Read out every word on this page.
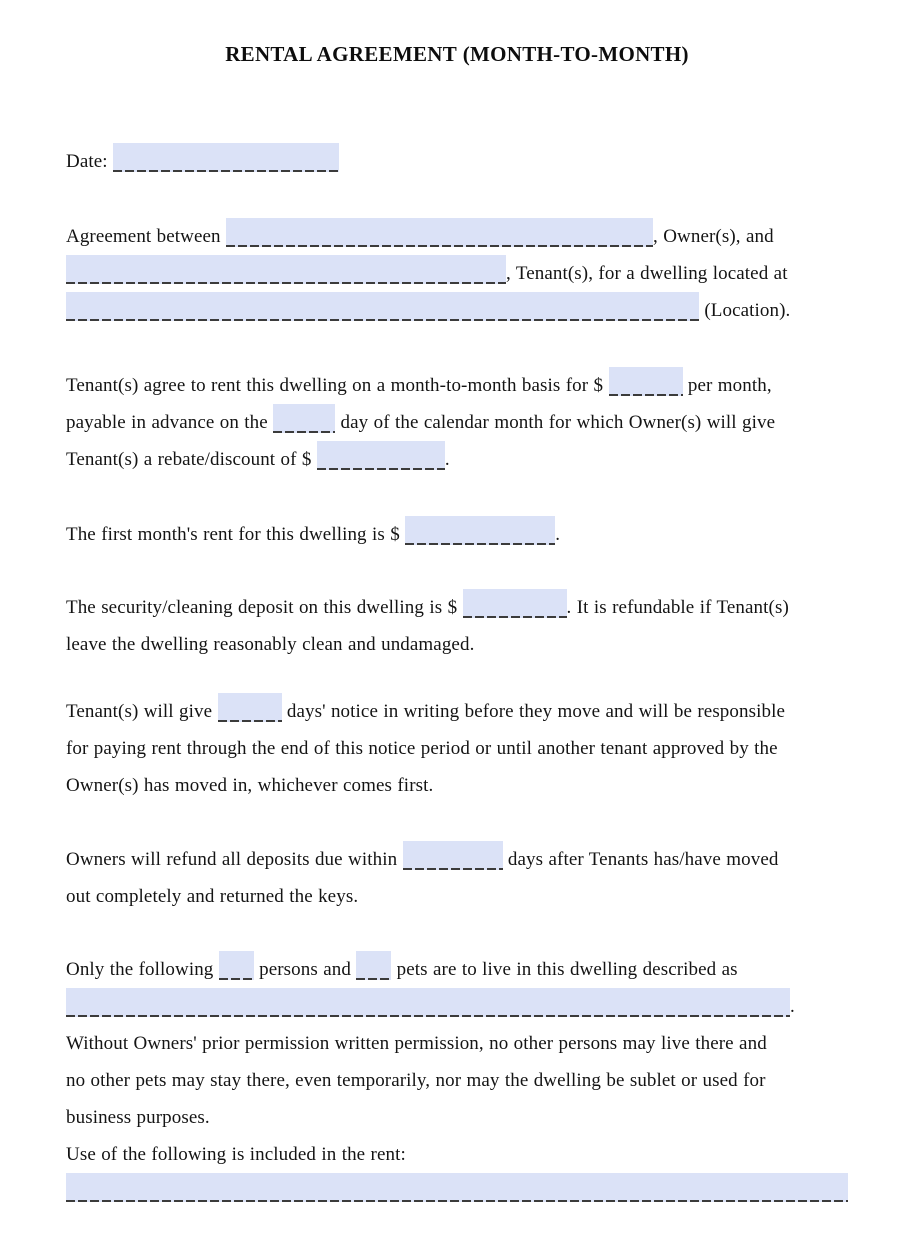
RENTAL AGREEMENT (MONTH-TO-MONTH)
Date:
Agreement between	, Owner(s), and
, Tenant(s), for a dwelling located at
(Location).
Tenant(s) agree to rent this dwelling on a month-to-month basis for $	per month,
payable in advance on the	day of the calendar month for which Owner(s) will give
Tenant(s) a rebate/discount of $	.
The first month's rent for this dwelling is $	.
The security/cleaning deposit on this dwelling is $	. It is refundable if Tenant(s)
leave the dwelling reasonably clean and undamaged.
Tenant(s) will give	days' notice in writing before they move and will be responsible
for paying rent through the end of this notice period or until another tenant approved by the
Owner(s) has moved in, whichever comes first.
Owners will refund all deposits due within	days after Tenants has/have moved
out completely and returned the keys.
Only the following  persons and  pets are to live in this dwelling described as
.
Without Owners' prior permission written permission, no other persons may live there and
no other pets may stay there, even temporarily, nor may the dwelling be sublet or used for
business purposes.
Use of the following is included in the rent:
